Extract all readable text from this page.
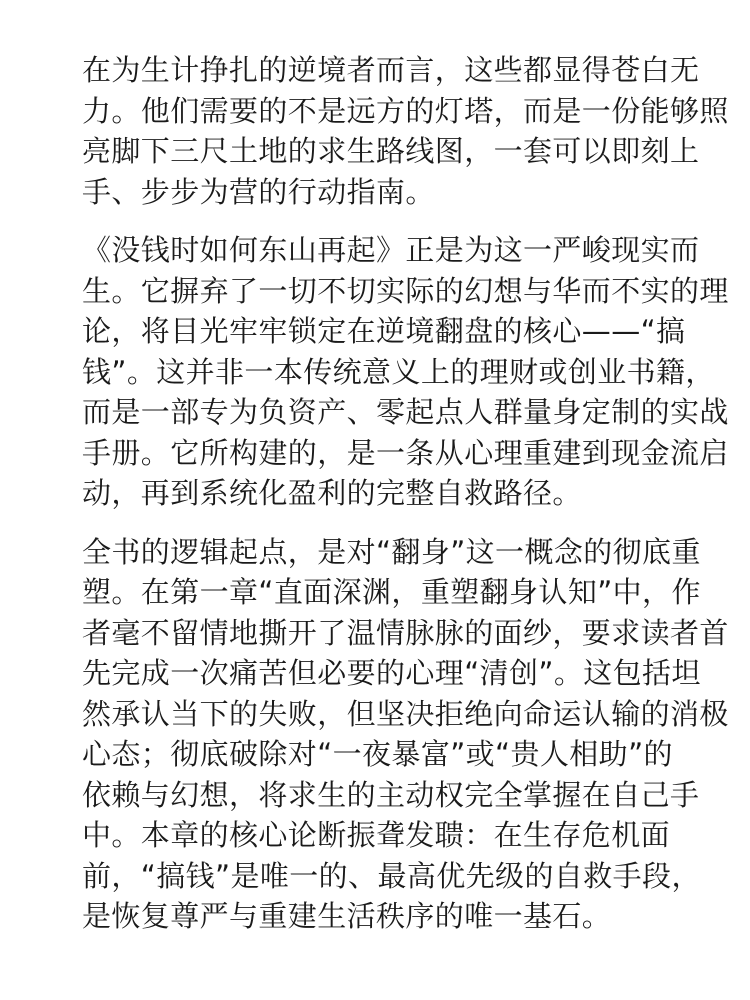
在为生计挣扎的逆境者而言，这些都显得苍白无
力。他们需要的不是远方的灯塔，而是一份能够照
亮脚下三尺土地的求生路线图，一套可以即刻上
手、步步为营的行动指南。
《没钱时如何东山再起》正是为这一严峻现实而
生。它摒弃了一切不切实际的幻想与华而不实的理
论，将目光牢牢锁定在逆境翻盘的核心——“搞
钱”。这并非一本传统意义上的理财或创业书籍，
而是一部专为负资产、零起点人群量身定制的实战
手册。它所构建的，是一条从心理重建到现金流启
动，再到系统化盈利的完整自救路径。
全书的逻辑起点，是对“翻身”这一概念的彻底重
塑。在第一章“直面深渊，重塑翻身认知”中，作
者毫不留情地撕开了温情脉脉的面纱，要求读者首
先完成一次痛苦但必要的心理“清创”。这包括坦
然承认当下的失败，但坚决拒绝向命运认输的消极
心态；彻底破除对“一夜暴富”或“贵人相助”的
依赖与幻想，将求生的主动权完全掌握在自己手
中。本章的核心论断振聋发聩：在生存危机面
前，“搞钱”是唯一的、最高优先级的自救手段，
是恢复尊严与重建生活秩序的唯一基石。
